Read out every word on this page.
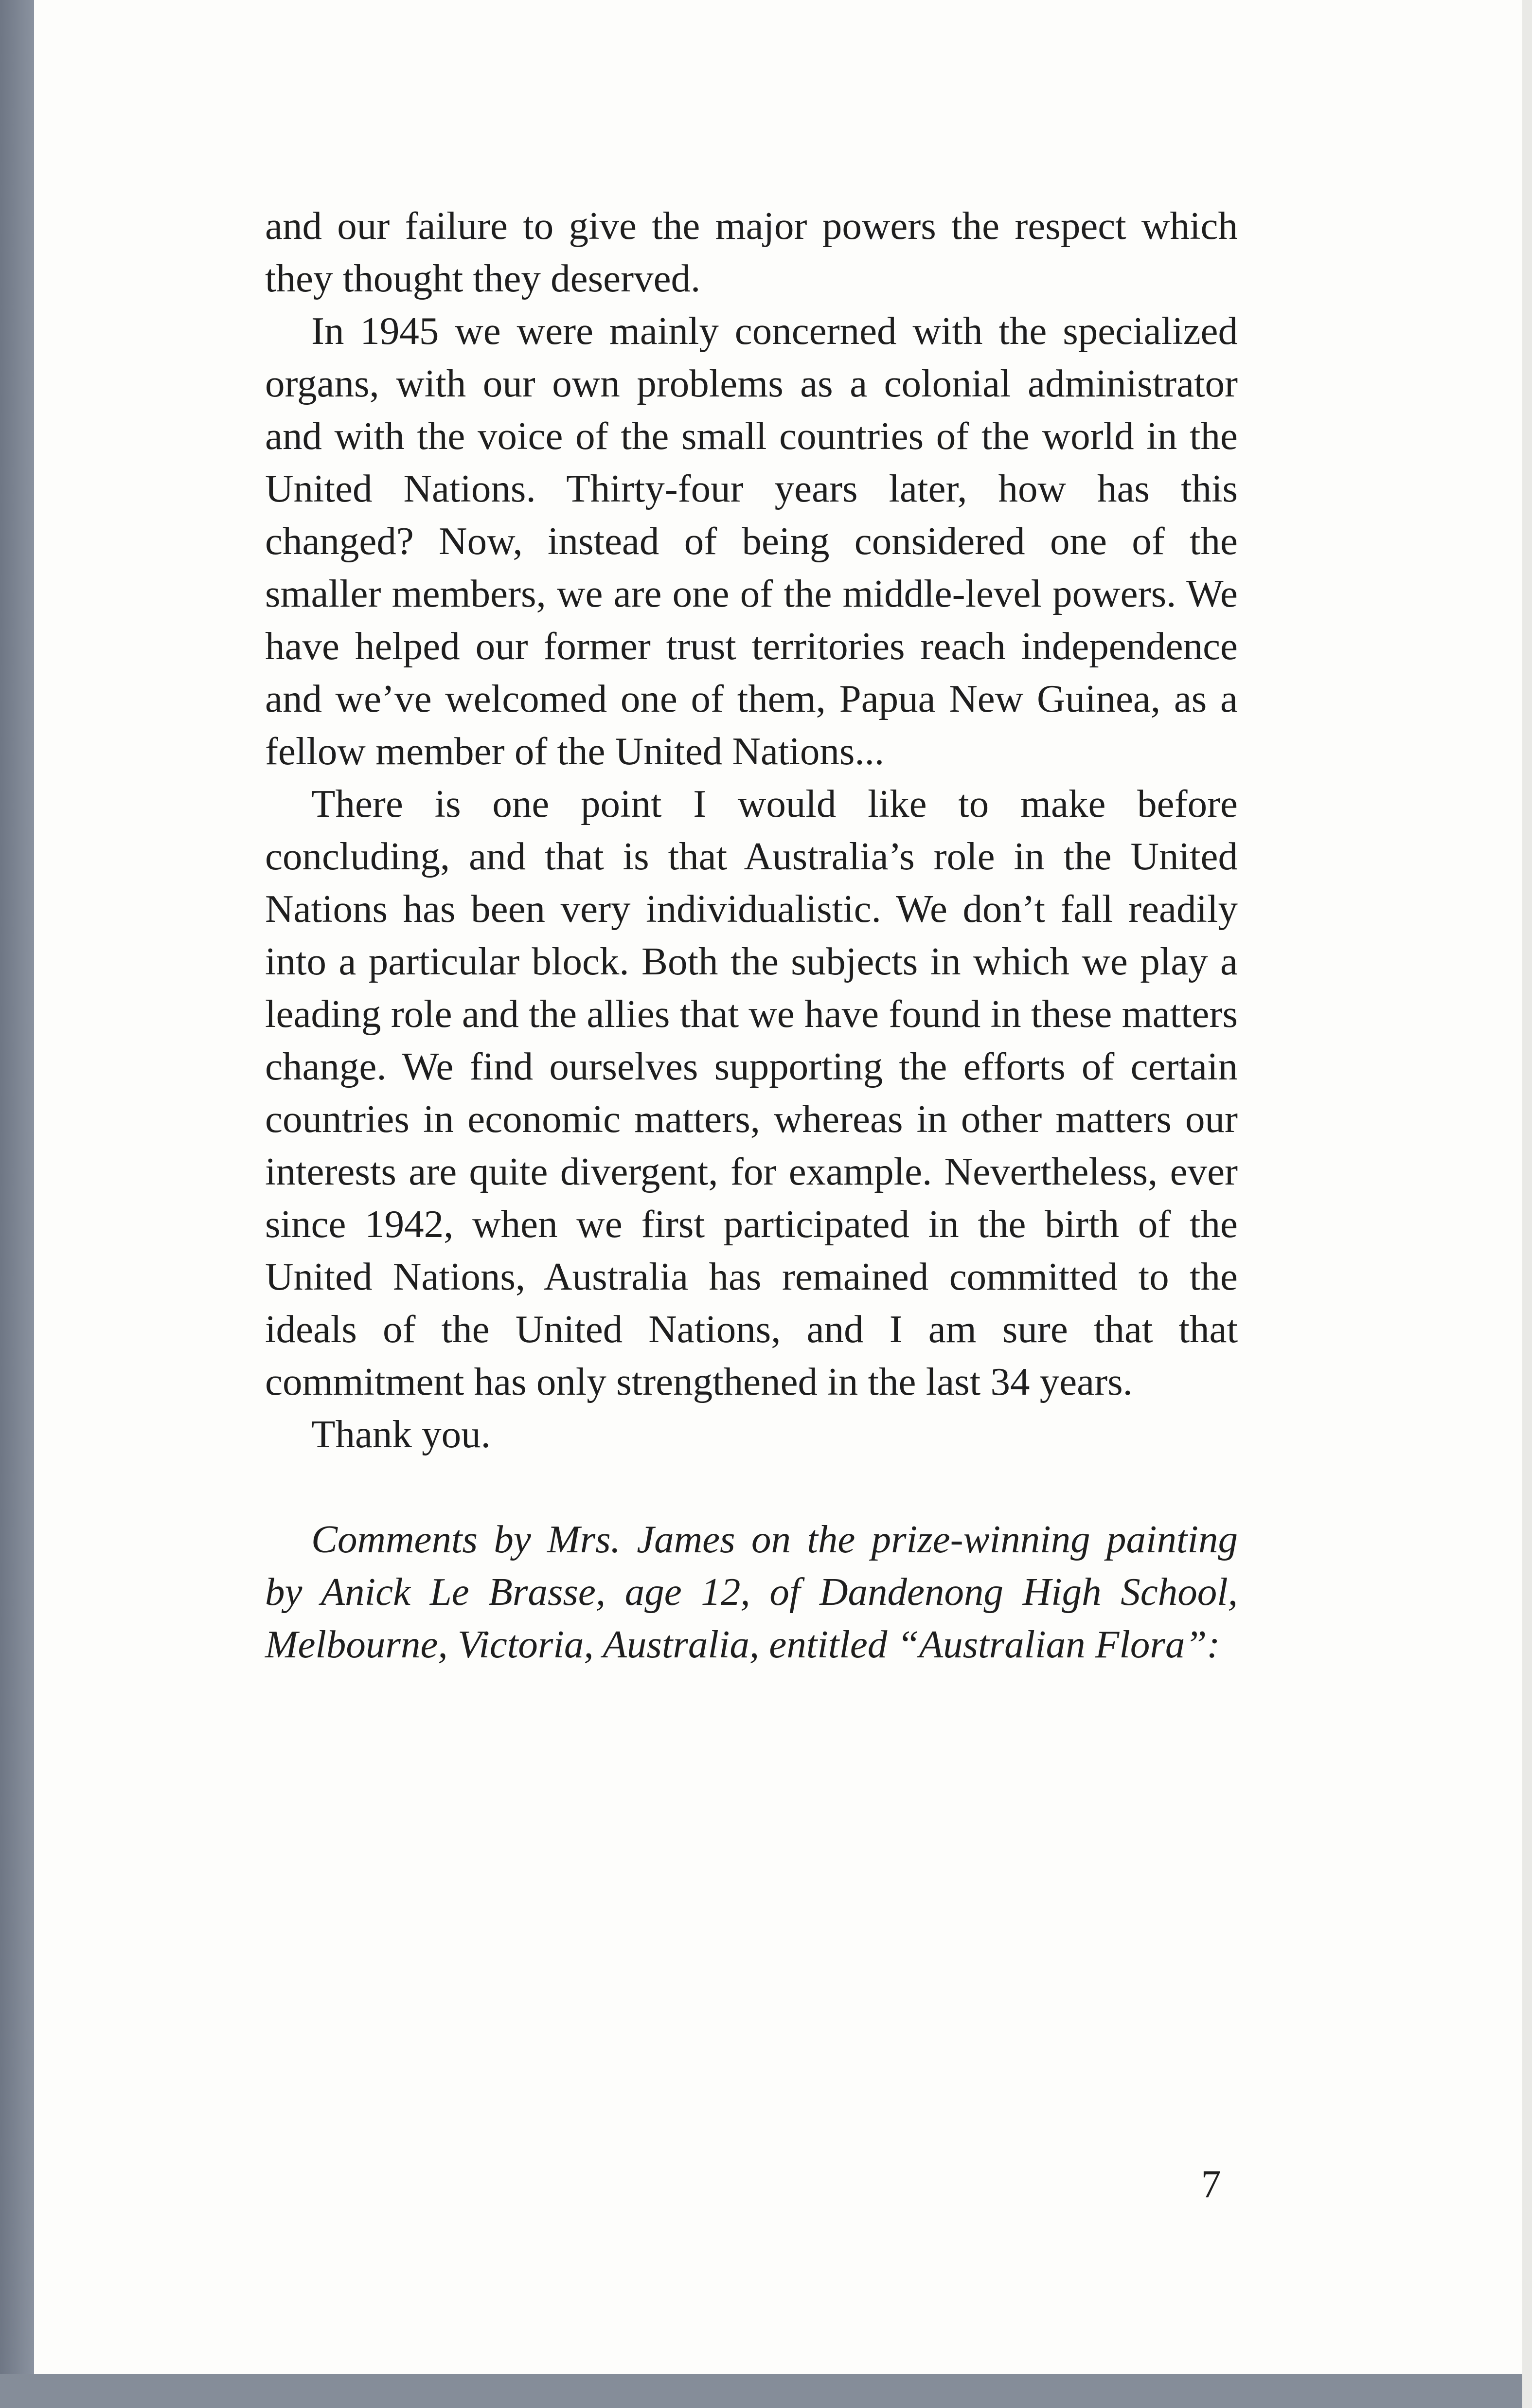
and our failure to give the major powers the respect which they thought they deserved.

In 1945 we were mainly concerned with the specialized organs, with our own problems as a colonial administrator and with the voice of the small countries of the world in the United Nations. Thirty-four years later, how has this changed? Now, instead of being considered one of the smaller members, we are one of the middle-level powers. We have helped our former trust territories reach independence and we’ve welcomed one of them, Papua New Guinea, as a fellow member of the United Nations...

There is one point I would like to make before concluding, and that is that Australia’s role in the United Nations has been very individualistic. We don’t fall readily into a particular block. Both the subjects in which we play a leading role and the allies that we have found in these matters change. We find ourselves supporting the efforts of certain countries in economic matters, whereas in other matters our interests are quite divergent, for example. Nevertheless, ever since 1942, when we first participated in the birth of the United Nations, Australia has remained committed to the ideals of the United Nations, and I am sure that that commitment has only strengthened in the last 34 years.

Thank you.

Comments by Mrs. James on the prize-winning painting by Anick Le Brasse, age 12, of Dandenong High School, Melbourne, Victoria, Australia, entitled “Australian Flora”:

7
